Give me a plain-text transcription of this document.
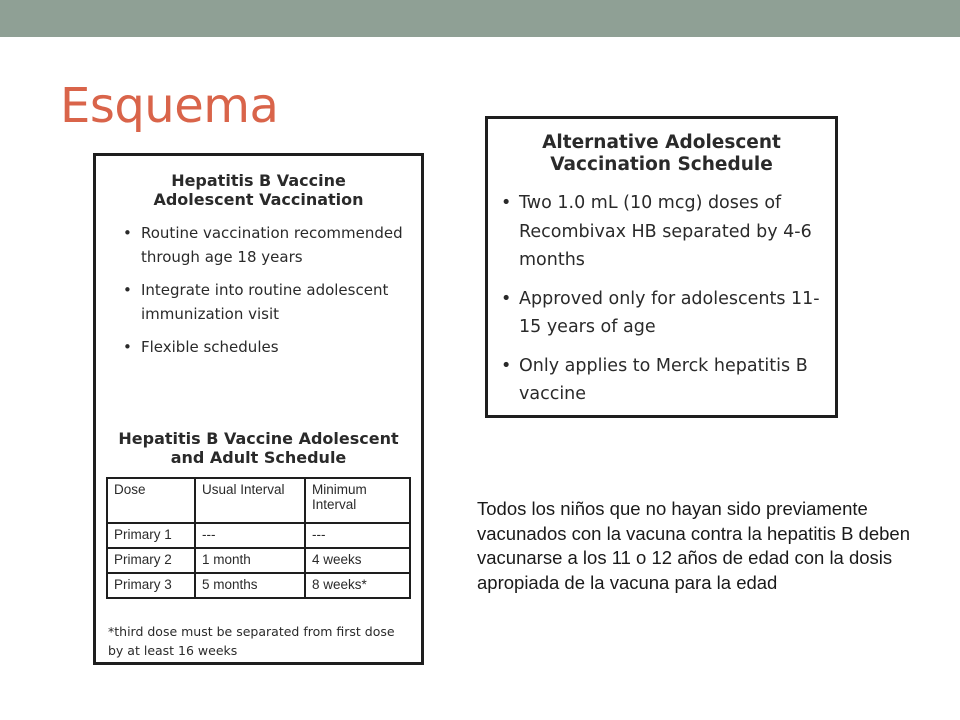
Esquema
Hepatitis B Vaccine
Adolescent Vaccination
• Routine vaccination recommended through age 18 years
• Integrate into routine adolescent immunization visit
• Flexible schedules
Hepatitis B Vaccine Adolescent
and Adult Schedule
Dose	Usual Interval	Minimum Interval
Primary 1	---	---
Primary 2	1 month	4 weeks
Primary 3	5 months	8 weeks*
*third dose must be separated from first dose by at least 16 weeks
Alternative Adolescent
Vaccination Schedule
• Two 1.0 mL (10 mcg) doses of Recombivax HB separated by 4-6 months
• Approved only for adolescents 11-15 years of age
• Only applies to Merck hepatitis B vaccine
Todos los niños que no hayan sido previamente vacunados con la vacuna contra la hepatitis B deben vacunarse a los 11 o 12 años de edad con la dosis apropiada de la vacuna para la edad
